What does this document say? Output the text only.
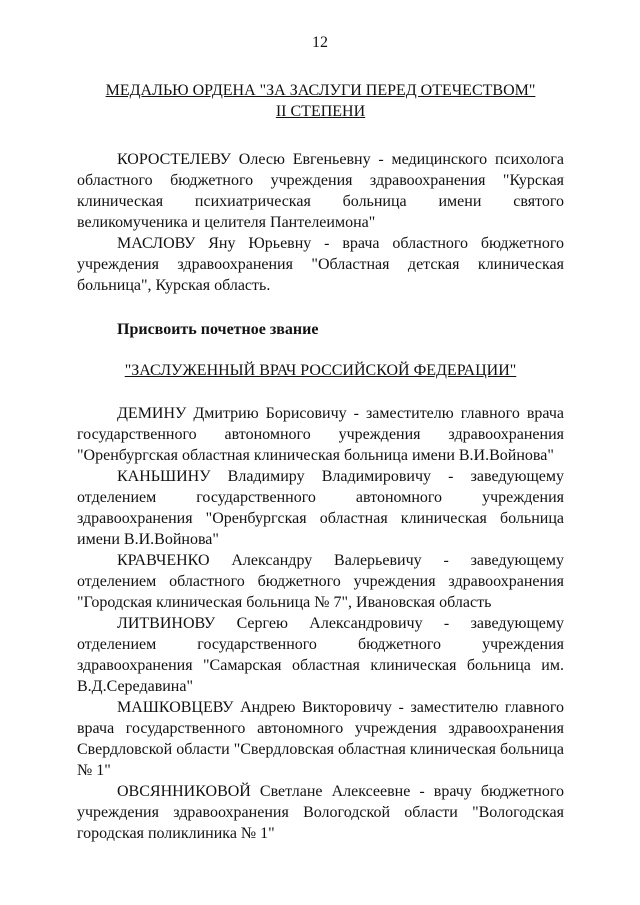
12

МЕДАЛЬЮ ОРДЕНА "ЗА ЗАСЛУГИ ПЕРЕД ОТЕЧЕСТВОМ"

II СТЕПЕНИ

КОРОСТЕЛЕВУ Олесю Евгеньевну - медицинского психолога областного бюджетного учреждения здравоохранения "Курская клиническая психиатрическая больница имени святого великомученика и целителя Пантелеимона"

МАСЛОВУ Яну Юрьевну - врача областного бюджетного учреждения здравоохранения "Областная детская клиническая больница", Курская область.

Присвоить почетное звание

"ЗАСЛУЖЕННЫЙ ВРАЧ РОССИЙСКОЙ ФЕДЕРАЦИИ"

ДЕМИНУ Дмитрию Борисовичу - заместителю главного врача государственного автономного учреждения здравоохранения "Оренбургская областная клиническая больница имени В.И.Войнова"

КАНЬШИНУ Владимиру Владимировичу - заведующему отделением государственного автономного учреждения здравоохранения "Оренбургская областная клиническая больница имени В.И.Войнова"

КРАВЧЕНКО Александру Валерьевичу - заведующему отделением областного бюджетного учреждения здравоохранения "Городская клиническая больница № 7", Ивановская область

ЛИТВИНОВУ Сергею Александровичу - заведующему отделением государственного бюджетного учреждения здравоохранения "Самарская областная клиническая больница им. В.Д.Середавина"

МАШКОВЦЕВУ Андрею Викторовичу - заместителю главного врача государственного автономного учреждения здравоохранения Свердловской области "Свердловская областная клиническая больница № 1"

ОВСЯННИКОВОЙ Светлане Алексеевне - врачу бюджетного учреждения здравоохранения Вологодской области "Вологодская городская поликлиника № 1"
